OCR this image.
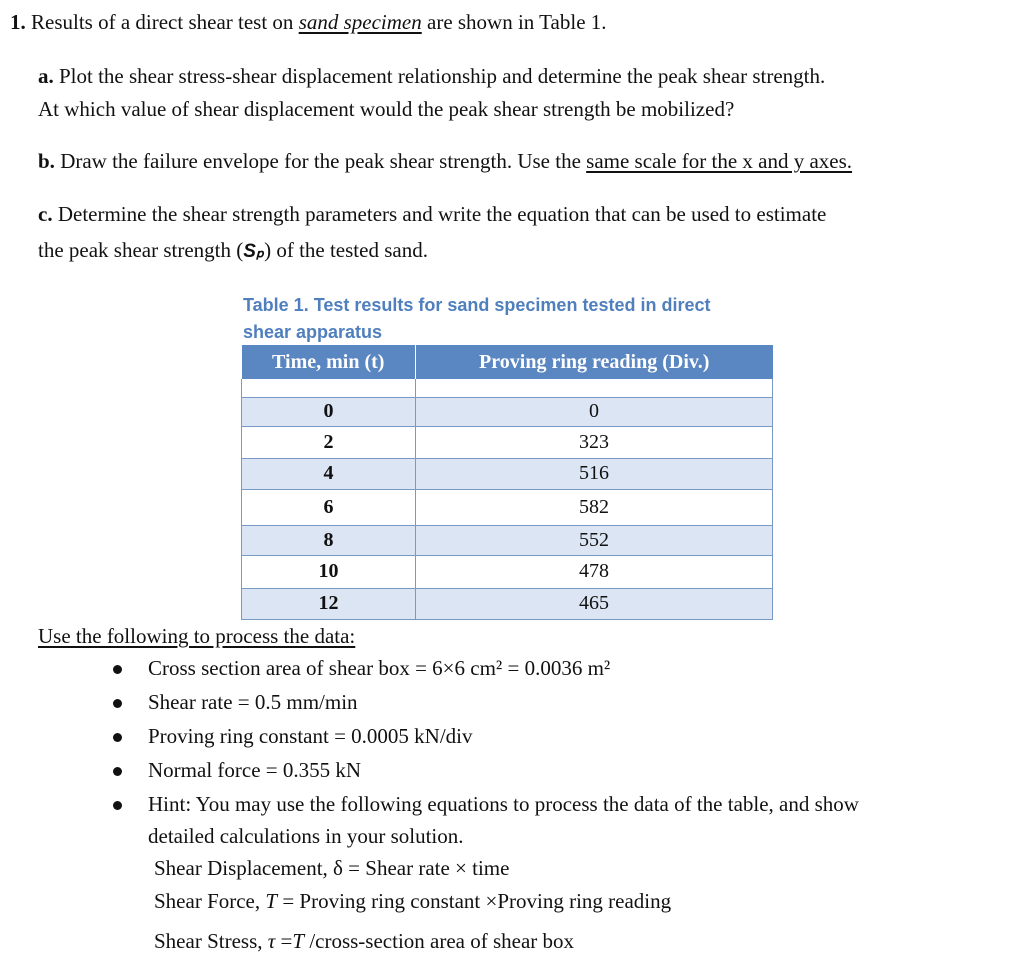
1. Results of a direct shear test on sand specimen are shown in Table 1.
a. Plot the shear stress-shear displacement relationship and determine the peak shear strength.
At which value of shear displacement would the peak shear strength be mobilized?
b. Draw the failure envelope for the peak shear strength. Use the same scale for the x and y axes.
c. Determine the shear strength parameters and write the equation that can be used to estimate
the peak shear strength (Sₚ) of the tested sand.
Table 1. Test results for sand specimen tested in direct
shear apparatus
Time, min (t)	Proving ring reading (Div.)

0	0
2	323
4	516
6	582
8	552
10	478
12	465
Use the following to process the data:
Cross section area of shear box = 6×6 cm² = 0.0036 m²
Shear rate = 0.5 mm/min
Proving ring constant = 0.0005 kN/div
Normal force = 0.355 kN
Hint: You may use the following equations to process the data of the table, and show
detailed calculations in your solution.
Shear Displacement, δ = Shear rate × time
Shear Force, T = Proving ring constant ×Proving ring reading
Shear Stress, τ =T /cross-section area of shear box
